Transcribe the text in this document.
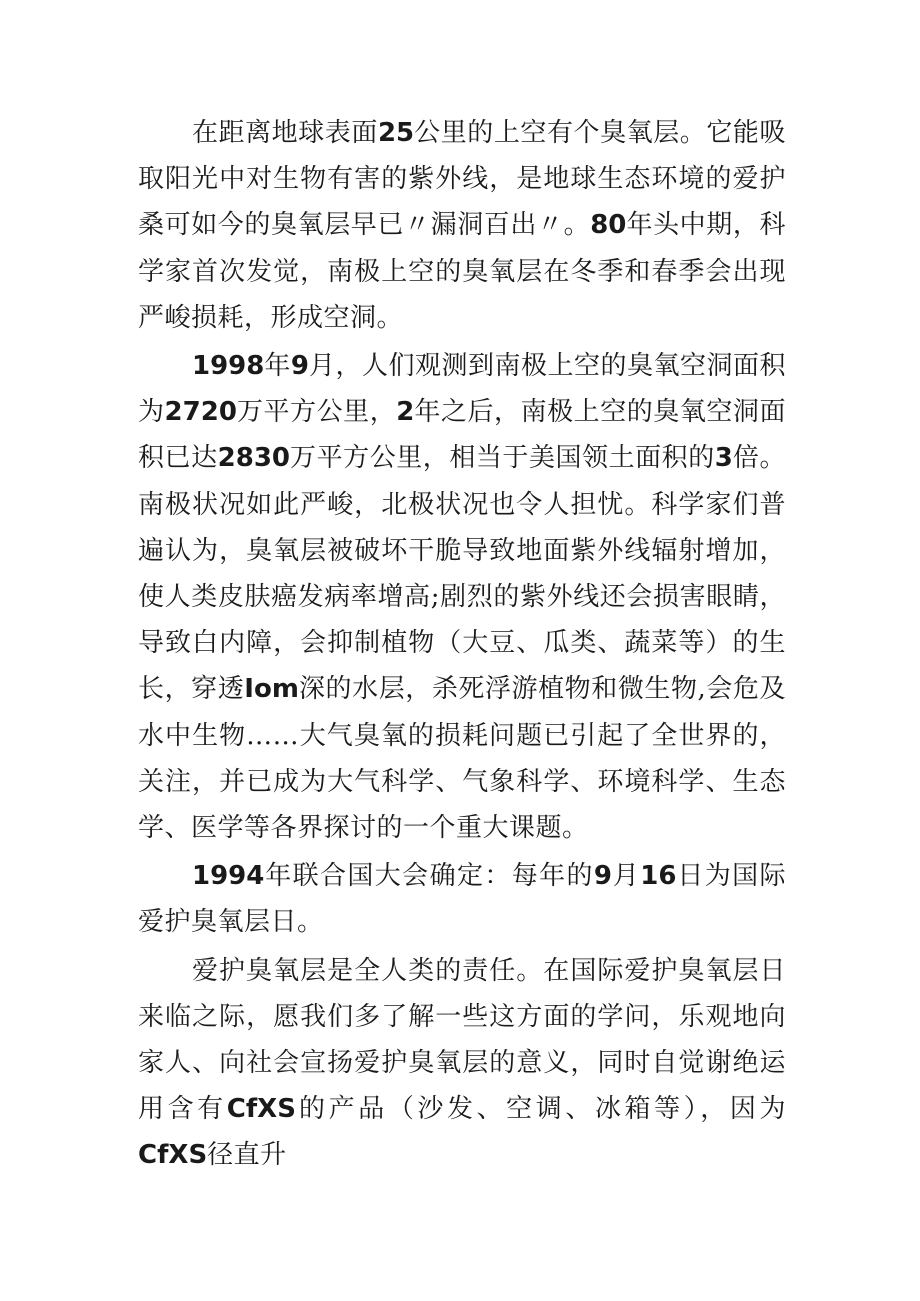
在距离地球表面25公里的上空有个臭氧层。它能吸取阳光中对生物有害的紫外线，是地球生态环境的爱护桑可如今的臭氧层早已〃漏洞百出〃。80年头中期，科学家首次发觉，南极上空的臭氧层在冬季和春季会出现严峻损耗，形成空洞。

1998年9月，人们观测到南极上空的臭氧空洞面积为2720万平方公里，2年之后，南极上空的臭氧空洞面积已达2830万平方公里，相当于美国领土面积的3倍。南极状况如此严峻，北极状况也令人担忧。科学家们普遍认为，臭氧层被破坏干脆导致地面紫外线辐射增加，使人类皮肤癌发病率增高;剧烈的紫外线还会损害眼睛，导致白内障，会抑制植物（大豆、瓜类、蔬菜等）的生长，穿透Iom深的水层，杀死浮游植物和微生物,会危及水中生物……大气臭氧的损耗问题已引起了全世界的，关注，并已成为大气科学、气象科学、环境科学、生态学、医学等各界探讨的一个重大课题。

1994年联合国大会确定：每年的9月16日为国际爱护臭氧层日。

爱护臭氧层是全人类的责任。在国际爱护臭氧层日来临之际，愿我们多了解一些这方面的学问，乐观地向家人、向社会宣扬爱护臭氧层的意义，同时自觉谢绝运用含有CfXS的产品（沙发、空调、冰箱等），因为CfXS径直升
